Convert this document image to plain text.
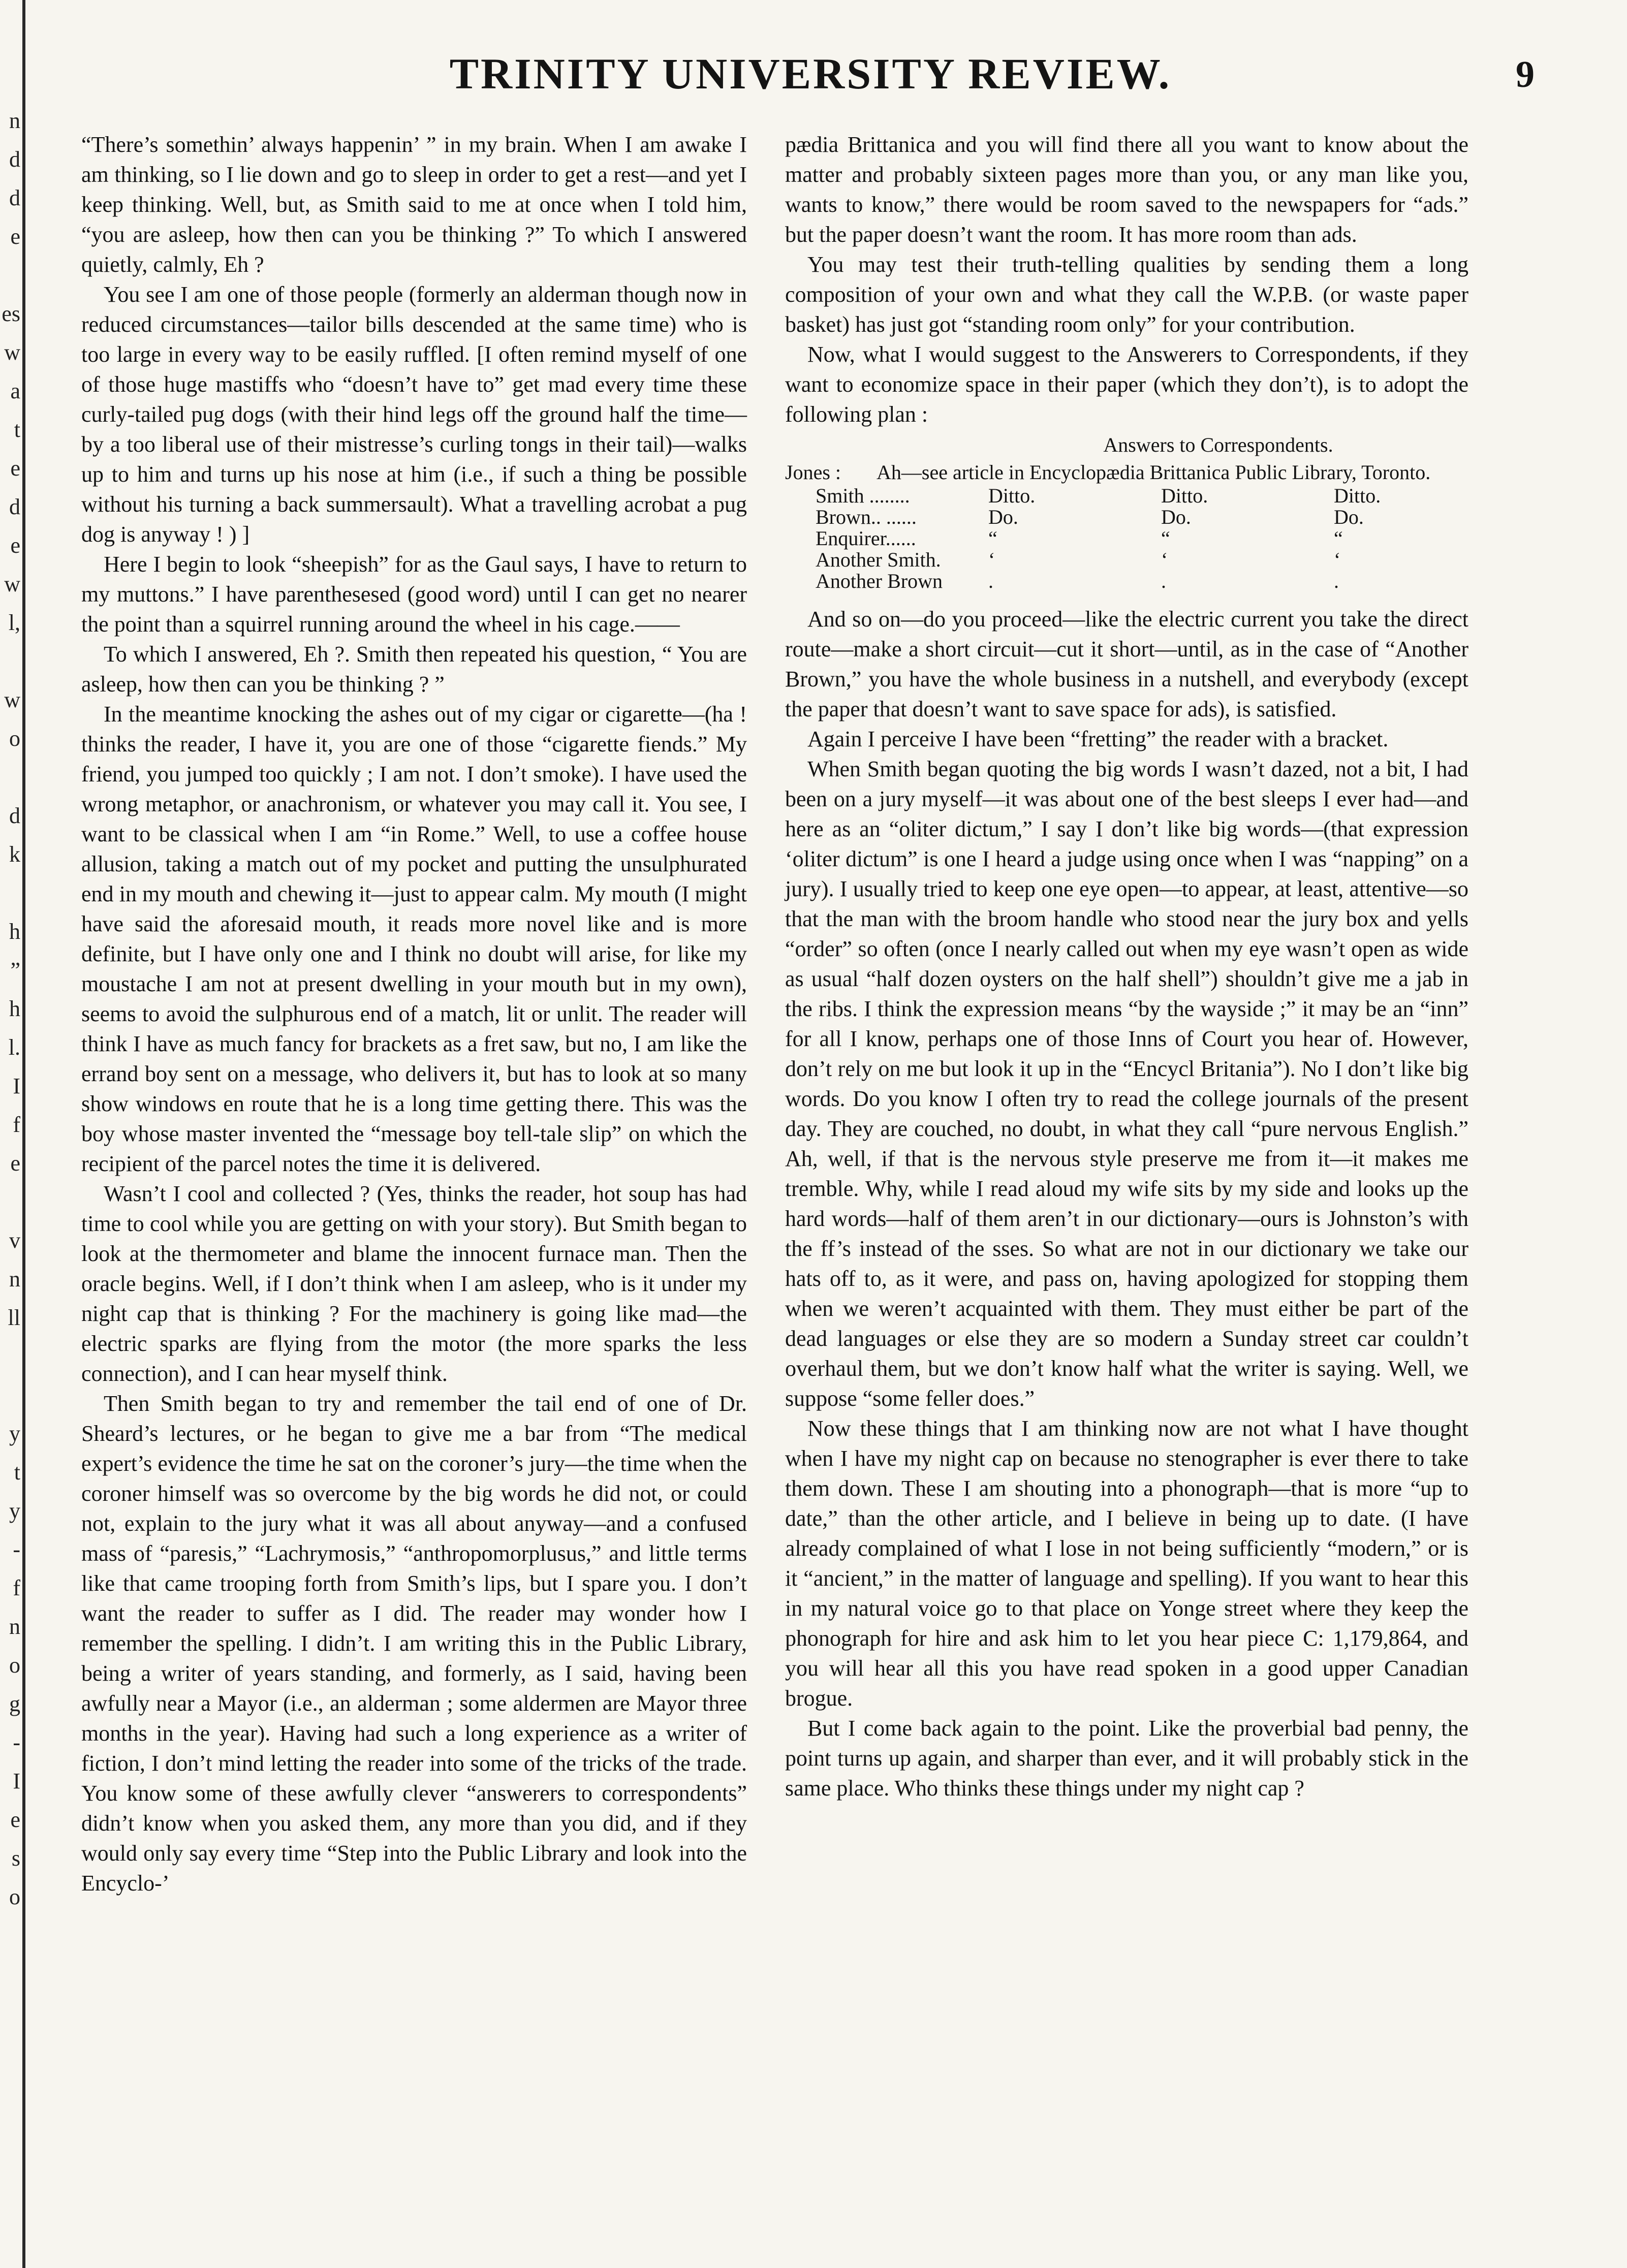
n
d
d
e

es
w
a
t
e
d
e
w
l,

w
o

d
k

h
”
h
l.
I
f
e

v
n
ll

y
t
y
-
f
n
o
g
-
I
e
s
o
TRINITY UNIVERSITY REVIEW.	9

“There’s somethin’ always happenin’ ” in my brain. When I am awake I am thinking, so I lie down and go to sleep in order to get a rest—and yet I keep thinking. Well, but, as Smith said to me at once when I told him, “you are asleep, how then can you be thinking ?” To which I answered quietly, calmly, Eh ?

You see I am one of those people (formerly an alderman though now in reduced circumstances—tailor bills descended at the same time) who is too large in every way to be easily ruffled. [I often remind myself of one of those huge mastiffs who “doesn’t have to” get mad every time these curly-tailed pug dogs (with their hind legs off the ground half the time—by a too liberal use of their mistresse’s curling tongs in their tail)—walks up to him and turns up his nose at him (i.e., if such a thing be possible without his turning a back summersault). What a travelling acrobat a pug dog is anyway ! ) ]

Here I begin to look “sheepish” for as the Gaul says, I have to return to my muttons.” I have parenthesesed (good word) until I can get no nearer the point than a squirrel running around the wheel in his cage.——

To which I answered, Eh ?. Smith then repeated his question, “ You are asleep, how then can you be thinking ? ”

In the meantime knocking the ashes out of my cigar or cigarette—(ha ! thinks the reader, I have it, you are one of those “cigarette fiends.” My friend, you jumped too quickly ; I am not. I don’t smoke). I have used the wrong metaphor, or anachronism, or whatever you may call it. You see, I want to be classical when I am “in Rome.” Well, to use a coffee house allusion, taking a match out of my pocket and putting the unsulphurated end in my mouth and chewing it—just to appear calm. My mouth (I might have said the aforesaid mouth, it reads more novel like and is more definite, but I have only one and I think no doubt will arise, for like my moustache I am not at present dwelling in your mouth but in my own), seems to avoid the sulphurous end of a match, lit or unlit. The reader will think I have as much fancy for brackets as a fret saw, but no, I am like the errand boy sent on a message, who delivers it, but has to look at so many show windows en route that he is a long time getting there. This was the boy whose master invented the “message boy tell-tale slip” on which the recipient of the parcel notes the time it is delivered.

Wasn’t I cool and collected ? (Yes, thinks the reader, hot soup has had time to cool while you are getting on with your story). But Smith began to look at the thermometer and blame the innocent furnace man. Then the oracle begins. Well, if I don’t think when I am asleep, who is it under my night cap that is thinking ? For the machinery is going like mad—the electric sparks are flying from the motor (the more sparks the less connection), and I can hear myself think.

Then Smith began to try and remember the tail end of one of Dr. Sheard’s lectures, or he began to give me a bar from “The medical expert’s evidence the time he sat on the coroner’s jury—the time when the coroner himself was so overcome by the big words he did not, or could not, explain to the jury what it was all about anyway—and a confused mass of “paresis,” “Lachrymosis,” “anthropomorplusus,” and little terms like that came trooping forth from Smith’s lips, but I spare you. I don’t want the reader to suffer as I did. The reader may wonder how I remember the spelling. I didn’t. I am writing this in the Public Library, being a writer of years standing, and formerly, as I said, having been awfully near a Mayor (i.e., an alderman ; some aldermen are Mayor three months in the year). Having had such a long experience as a writer of fiction, I don’t mind letting the reader into some of the tricks of the trade. You know some of these awfully clever “answerers to correspondents” didn’t know when you asked them, any more than you did, and if they would only say every time “Step into the Public Library and look into the Encyclo-’

pædia Brittanica and you will find there all you want to know about the matter and probably sixteen pages more than you, or any man like you, wants to know,” there would be room saved to the newspapers for “ads.” but the paper doesn’t want the room. It has more room than ads.

You may test their truth-telling qualities by sending them a long composition of your own and what they call the W.P.B. (or waste paper basket) has just got “standing room only” for your contribution.

Now, what I would suggest to the Answerers to Correspondents, if they want to economize space in their paper (which they don’t), is to adopt the following plan :

Answers to Correspondents.
Jones :	Ah—see article in Encyclopædia Brittanica Public Library, Toronto.
Smith ........	Ditto.	Ditto.	Ditto.
Brown.. ......	Do.	Do.	Do.
Enquirer......	“	“	“
Another Smith.	‘	‘	‘
Another Brown	.	.	.

And so on—do you proceed—like the electric current you take the direct route—make a short circuit—cut it short—until, as in the case of “Another Brown,” you have the whole business in a nutshell, and everybody (except the paper that doesn’t want to save space for ads), is satisfied.

Again I perceive I have been “fretting” the reader with a bracket.

When Smith began quoting the big words I wasn’t dazed, not a bit, I had been on a jury myself—it was about one of the best sleeps I ever had—and here as an “oliter dictum,” I say I don’t like big words—(that expression ‘oliter dictum” is one I heard a judge using once when I was “napping” on a jury). I usually tried to keep one eye open—to appear, at least, attentive—so that the man with the broom handle who stood near the jury box and yells “order” so often (once I nearly called out when my eye wasn’t open as wide as usual “half dozen oysters on the half shell”) shouldn’t give me a jab in the ribs. I think the expression means “by the wayside ;” it may be an “inn” for all I know, perhaps one of those Inns of Court you hear of. However, don’t rely on me but look it up in the “Encycl Britania”). No I don’t like big words. Do you know I often try to read the college journals of the present day. They are couched, no doubt, in what they call “pure nervous English.” Ah, well, if that is the nervous style preserve me from it—it makes me tremble. Why, while I read aloud my wife sits by my side and looks up the hard words—half of them aren’t in our dictionary—ours is Johnston’s with the ff’s instead of the sses. So what are not in our dictionary we take our hats off to, as it were, and pass on, having apologized for stopping them when we weren’t acquainted with them. They must either be part of the dead languages or else they are so modern a Sunday street car couldn’t overhaul them, but we don’t know half what the writer is saying. Well, we suppose “some feller does.”

Now these things that I am thinking now are not what I have thought when I have my night cap on because no stenographer is ever there to take them down. These I am shouting into a phonograph—that is more “up to date,” than the other article, and I believe in being up to date. (I have already complained of what I lose in not being sufficiently “modern,” or is it “ancient,” in the matter of language and spelling). If you want to hear this in my natural voice go to that place on Yonge street where they keep the phonograph for hire and ask him to let you hear piece C: 1,179,864, and you will hear all this you have read spoken in a good upper Canadian brogue.

But I come back again to the point. Like the proverbial bad penny, the point turns up again, and sharper than ever, and it will probably stick in the same place. Who thinks these things under my night cap ?
